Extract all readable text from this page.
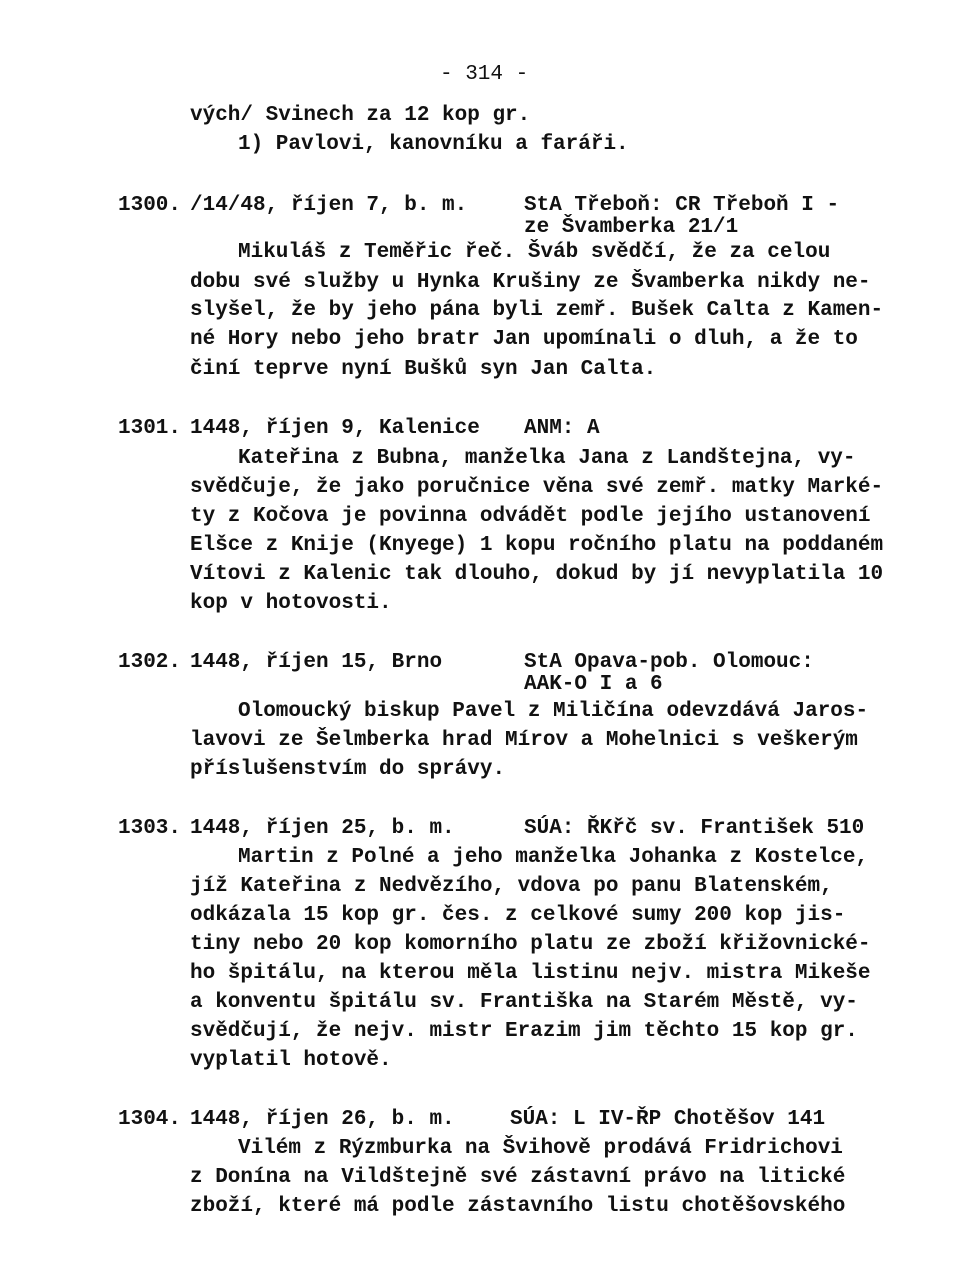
- 314 -
vých/ Svinech za 12 kop gr.
1) Pavlovi, kanovníku a faráři.
1300. /14/48, říjen 7, b. m.	StA Třeboň: CR Třeboň I -
ze Švamberka 21/1
Mikuláš z Teměřic řeč. Šváb svědčí, že za celou
dobu své služby u Hynka Krušiny ze Švamberka nikdy ne-
slyšel, že by jeho pána byli zemř. Bušek Calta z Kamen-
né Hory nebo jeho bratr Jan upomínali o dluh, a že to
činí teprve nyní Bušků syn Jan Calta.
1301. 1448, říjen 9, Kalenice ANM: A
Kateřina z Bubna, manželka Jana z Landštejna, vy-
svědčuje, že jako poručnice věna své zemř. matky Marké-
ty z Kočova je povinna odvádět podle jejího ustanovení
Elšce z Knije (Knyege) 1 kopu ročního platu na poddaném
Vítovi z Kalenic tak dlouho, dokud by jí nevyplatila 10
kop v hotovosti.
1302. 1448, říjen 15, Brno	StA Opava-pob. Olomouc:
AAK-O I a 6
Olomoucký biskup Pavel z Miličína odevzdává Jaros-
lavovi ze Šelmberka hrad Mírov a Mohelnici s veškerým
příslušenstvím do správy.
1303. 1448, říjen 25, b. m.	SÚA: ŘKřč sv. František 510
Martin z Polné a jeho manželka Johanka z Kostelce,
jíž Kateřina z Nedvězího, vdova po panu Blatenském,
odkázala 15 kop gr. čes. z celkové sumy 200 kop jis-
tiny nebo 20 kop komorního platu ze zboží křižovnické-
ho špitálu, na kterou měla listinu nejv. mistra Mikeše
a konventu špitálu sv. Františka na Starém Městě, vy-
svědčují, že nejv. mistr Erazim jim těchto 15 kop gr.
vyplatil hotově.
1304. 1448, říjen 26, b. m.	SÚA: L IV-ŘP Chotěšov 141
Vilém z Rýzmburka na Švihově prodává Fridrichovi
z Donína na Vildštejně své zástavní právo na litické
zboží, které má podle zástavního listu chotěšovského
